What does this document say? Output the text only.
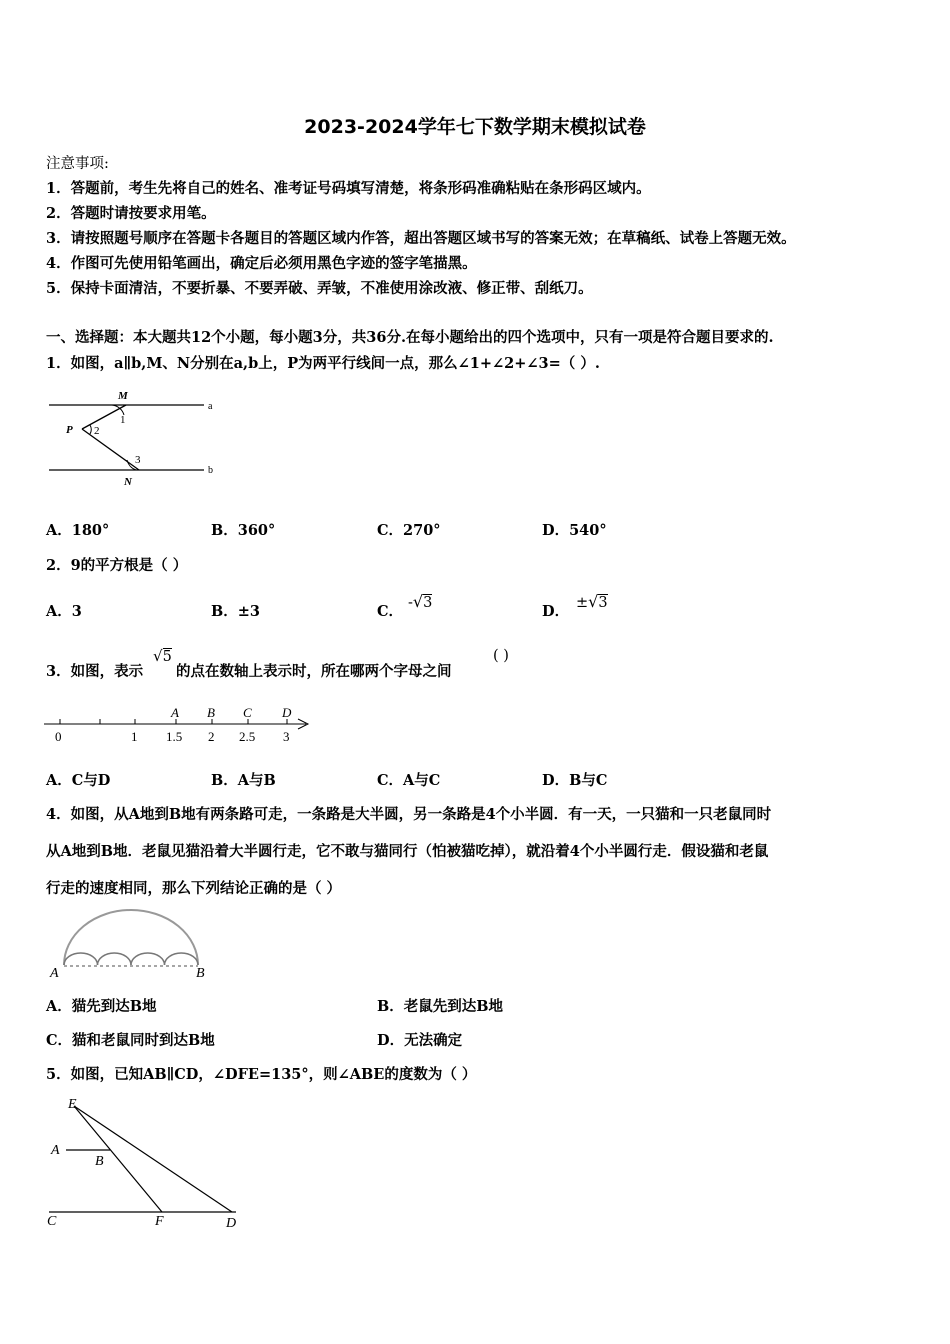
2023-2024学年七下数学期末模拟试卷
注意事项:
1．答题前，考生先将自己的姓名、准考证号码填写清楚，将条形码准确粘贴在条形码区域内。
2．答题时请按要求用笔。
3．请按照题号顺序在答题卡各题目的答题区域内作答，超出答题区域书写的答案无效；在草稿纸、试卷上答题无效。
4．作图可先使用铅笔画出，确定后必须用黑色字迹的签字笔描黑。
5．保持卡面清洁，不要折暴、不要弄破、弄皱，不准使用涂改液、修正带、刮纸刀。
一、选择题：本大题共12个小题，每小题3分，共36分.在每小题给出的四个选项中，只有一项是符合题目要求的.
1．如图，a∥b,M、N分别在a,b上，P为两平行线间一点，那么∠1+∠2+∠3=（ ）.
M
N
P
a
b
1
2
3
A．180°	B．360°	C．270°	D．540°
2．9的平方根是（ ）
A．3	B．±3	C． -√3	D． ±√3
3．如图，表示
√5
的点在数轴上表示时，所在哪两个字母之间
( )
A B C D
0	1 1.5 2 2.5 3
A．C与D	B．A与B	C．A与C	D．B与C
4．如图，从A地到B地有两条路可走，一条路是大半圆，另一条路是4个小半圆．有一天，一只猫和一只老鼠同时
从A地到B地．老鼠见猫沿着大半圆行走，它不敢与猫同行（怕被猫吃掉），就沿着4个小半圆行走．假设猫和老鼠
行走的速度相同，那么下列结论正确的是（ ）
A	B
A．猫先到达B地	B．老鼠先到达B地
C．猫和老鼠同时到达B地	D．无法确定
5．如图，已知AB∥CD，∠DFE=135°，则∠ABE的度数为（ ）
E
A
B
C	F	D
